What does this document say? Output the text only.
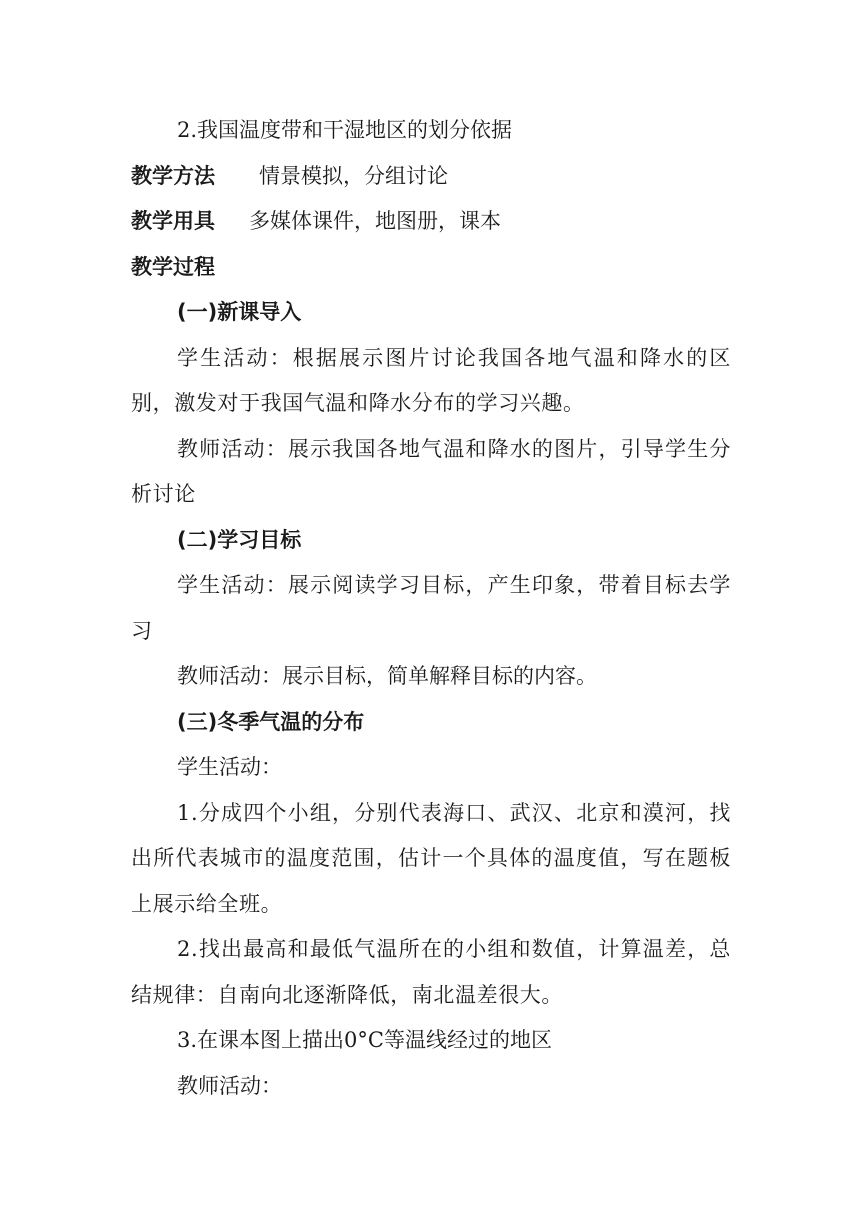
2.我国温度带和干湿地区的划分依据

教学方法 情景模拟，分组讨论

教学用具 多媒体课件，地图册，课本

教学过程

(一)新课导入

学生活动：根据展示图片讨论我国各地气温和降水的区别，激发对于我国气温和降水分布的学习兴趣。

教师活动：展示我国各地气温和降水的图片，引导学生分析讨论

(二)学习目标

学生活动：展示阅读学习目标，产生印象，带着目标去学习

教师活动：展示目标，简单解释目标的内容。

(三)冬季气温的分布

学生活动：

1.分成四个小组，分别代表海口、武汉、北京和漠河，找出所代表城市的温度范围，估计一个具体的温度值，写在题板上展示给全班。

2.找出最高和最低气温所在的小组和数值，计算温差，总结规律：自南向北逐渐降低，南北温差很大。

3.在课本图上描出0°C等温线经过的地区

教师活动：
